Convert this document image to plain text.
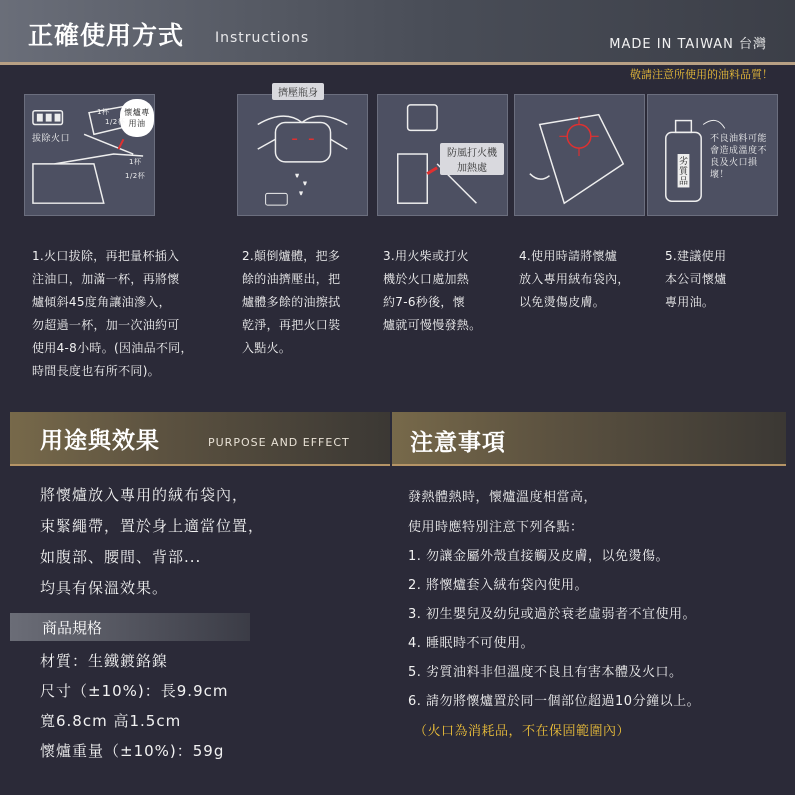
正確使用方式 Instructions	MADE IN TAIWAN 台灣
敬請注意所使用的油料品質！
拔除火口
懷爐專用油
1杯
1/2杯
1杯
1/2杯
擠壓瓶身
防風打火機加熱處
劣質品
不良油料可能會造成溫度不良及火口損壞！
1.火口拔除，再把量杯插入
注油口，加滿一杯，再將懷
爐傾斜45度角讓油滲入，
勿超過一杯，加一次油約可
使用4-8小時。(因油品不同，
時間長度也有所不同)。
2.顛倒爐體，把多
餘的油擠壓出，把
爐體多餘的油擦拭
乾淨，再把火口裝
入點火。
3.用火柴或打火
機於火口處加熱
約7-6秒後，懷
爐就可慢慢發熱。
4.使用時請將懷爐
放入專用絨布袋內，
以免燙傷皮膚。
5.建議使用
本公司懷爐
專用油。
用途與效果	PURPOSE AND EFFECT	注意事項
將懷爐放入專用的絨布袋內，
束緊繩帶，置於身上適當位置，
如腹部、腰間、背部...
均具有保溫效果。
商品規格
材質：生鐵鍍鉻鎳
尺寸（±10%)：長9.9cm
寬6.8cm 高1.5cm
懷爐重量（±10%)：59g
發熱體熱時，懷爐溫度相當高，
使用時應特別注意下列各點：
1. 勿讓金屬外殼直接觸及皮膚，以免燙傷。
2. 將懷爐套入絨布袋內使用。
3. 初生嬰兒及幼兒或過於衰老虛弱者不宜使用。
4. 睡眠時不可使用。
5. 劣質油料非但溫度不良且有害本體及火口。
6. 請勿將懷爐置於同一個部位超過10分鐘以上。
（火口為消耗品，不在保固範圍內）
